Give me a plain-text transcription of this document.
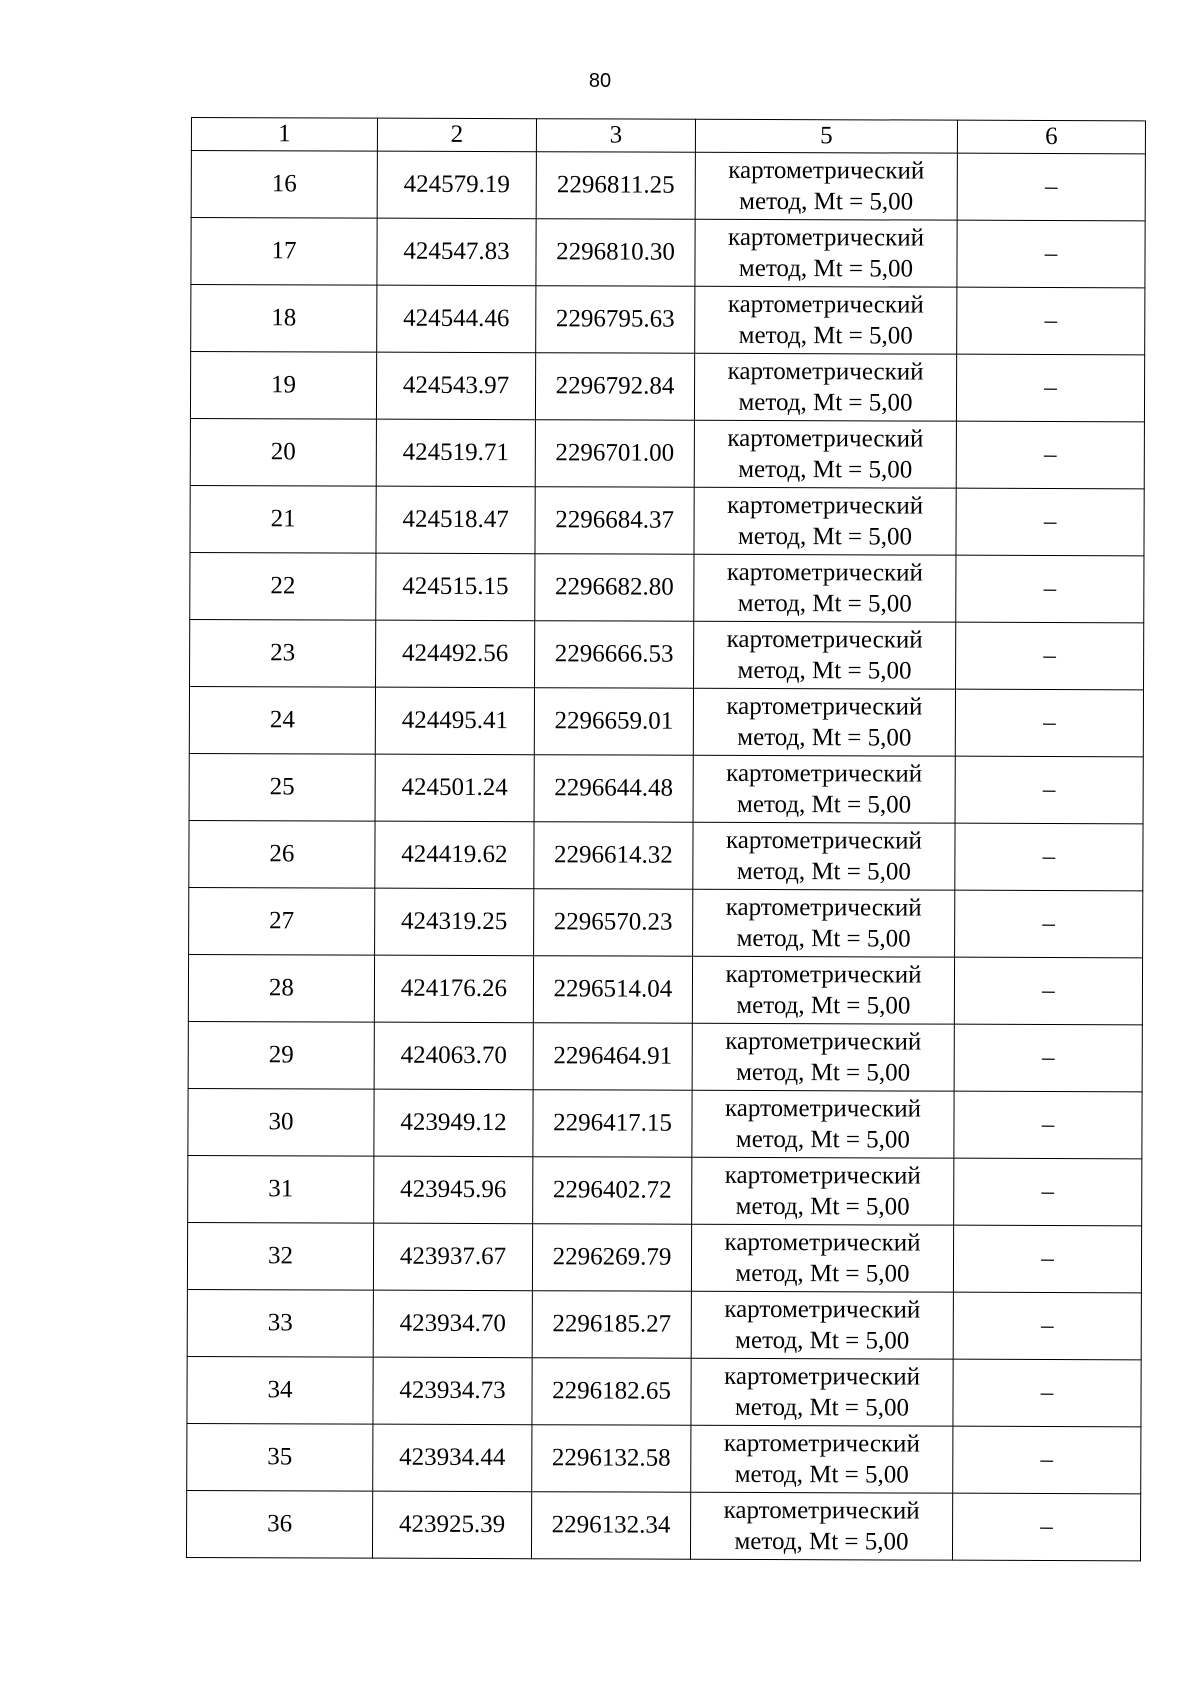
80
1	2	3	5	6
16	424579.19	2296811.25	картометрический
метод, Mt = 5,00	–
17	424547.83	2296810.30	картометрический
метод, Mt = 5,00	–
18	424544.46	2296795.63	картометрический
метод, Mt = 5,00	–
19	424543.97	2296792.84	картометрический
метод, Mt = 5,00	–
20	424519.71	2296701.00	картометрический
метод, Mt = 5,00	–
21	424518.47	2296684.37	картометрический
метод, Mt = 5,00	–
22	424515.15	2296682.80	картометрический
метод, Mt = 5,00	–
23	424492.56	2296666.53	картометрический
метод, Mt = 5,00	–
24	424495.41	2296659.01	картометрический
метод, Mt = 5,00	–
25	424501.24	2296644.48	картометрический
метод, Mt = 5,00	–
26	424419.62	2296614.32	картометрический
метод, Mt = 5,00	–
27	424319.25	2296570.23	картометрический
метод, Mt = 5,00	–
28	424176.26	2296514.04	картометрический
метод, Mt = 5,00	–
29	424063.70	2296464.91	картометрический
метод, Mt = 5,00	–
30	423949.12	2296417.15	картометрический
метод, Mt = 5,00	–
31	423945.96	2296402.72	картометрический
метод, Mt = 5,00	–
32	423937.67	2296269.79	картометрический
метод, Mt = 5,00	–
33	423934.70	2296185.27	картометрический
метод, Mt = 5,00	–
34	423934.73	2296182.65	картометрический
метод, Mt = 5,00	–
35	423934.44	2296132.58	картометрический
метод, Mt = 5,00	–
36	423925.39	2296132.34	картометрический
метод, Mt = 5,00	–
